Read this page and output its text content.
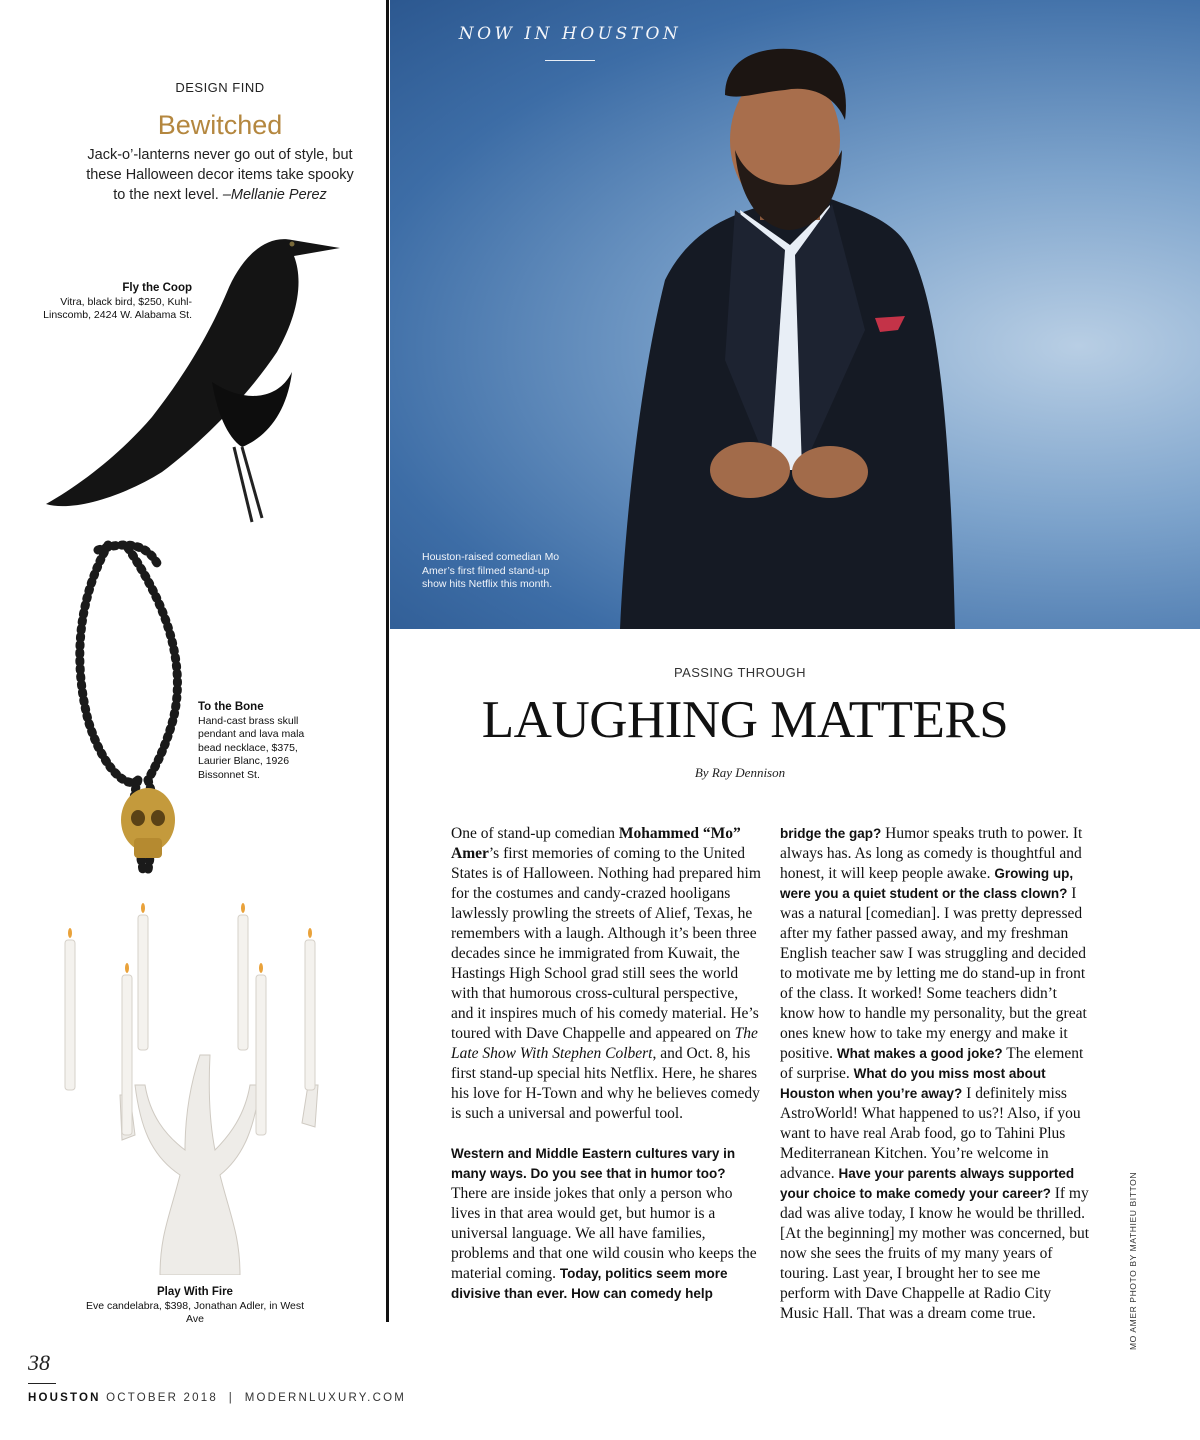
DESIGN FIND
Bewitched
Jack-o’-lanterns never go out of style, but these Halloween decor items take spooky to the next level. –Mellanie Perez
Fly the Coop
Vitra, black bird, $250, Kuhl-Linscomb, 2424 W. Alabama St.
To the Bone
Hand-cast brass skull pendant and lava mala bead necklace, $375, Laurier Blanc, 1926 Bissonnet St.
Play With Fire
Eve candelabra, $398, Jonathan Adler, in West Ave
NOW IN HOUSTON
Houston-raised comedian Mo Amer’s first filmed stand-up show hits Netflix this month.
MO AMER PHOTO BY MATHIEU BITTON
PASSING THROUGH
LAUGHING MATTERS
By Ray Dennison

One of stand-up comedian Mohammed “Mo” Amer’s first memories of coming to the United States is of Halloween. Nothing had prepared him for the costumes and candy-crazed hooligans lawlessly prowling the streets of Alief, Texas, he remembers with a laugh. Although it’s been three decades since he immigrated from Kuwait, the Hastings High School grad still sees the world with that humorous cross-cultural perspective, and it inspires much of his comedy material. He’s toured with Dave Chappelle and appeared on The Late Show With Stephen Colbert, and Oct. 8, his first stand-up special hits Netflix. Here, he shares his love for H-Town and why he believes comedy is such a universal and powerful tool.

Western and Middle Eastern cultures vary in many ways. Do you see that in humor too? There are inside jokes that only a person who lives in that area would get, but humor is a universal language. We all have families, problems and that one wild cousin who keeps the material coming. Today, politics seem more divisive than ever. How can comedy help

bridge the gap? Humor speaks truth to power. It always has. As long as comedy is thoughtful and honest, it will keep people awake. Growing up, were you a quiet student or the class clown? I was a natural [comedian]. I was pretty depressed after my father passed away, and my freshman English teacher saw I was struggling and decided to motivate me by letting me do stand-up in front of the class. It worked! Some teachers didn’t know how to handle my personality, but the great ones knew how to take my energy and make it positive. What makes a good joke? The element of surprise. What do you miss most about Houston when you’re away? I definitely miss AstroWorld! What happened to us?! Also, if you want to have real Arab food, go to Tahini Plus Mediterranean Kitchen. You’re welcome in advance. Have your parents always supported your choice to make comedy your career? If my dad was alive today, I know he would be thrilled. [At the beginning] my mother was concerned, but now she sees the fruits of my many years of touring. Last year, I brought her to see me perform with Dave Chappelle at Radio City Music Hall. That was a dream come true.

38
HOUSTON OCTOBER 2018  |  MODERNLUXURY.COM
